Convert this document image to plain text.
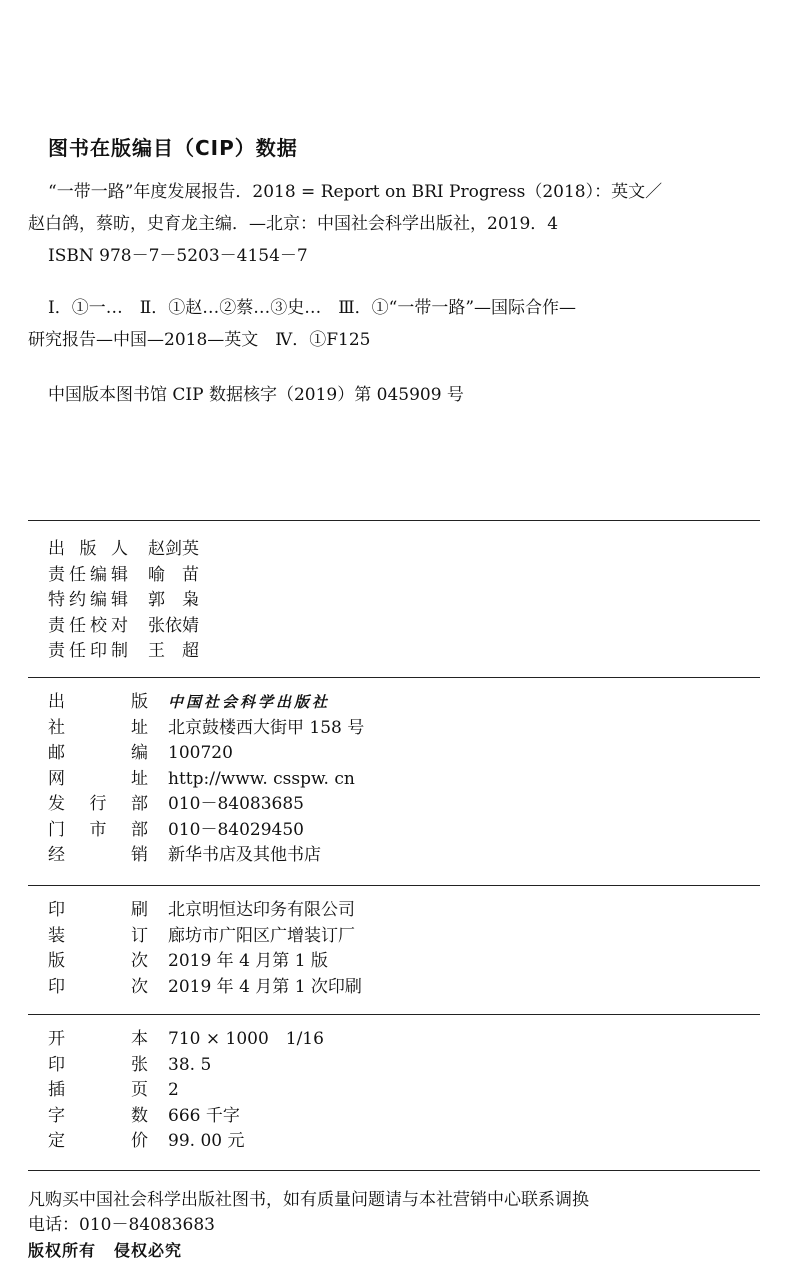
图书在版编目（CIP）数据
“一带一路”年度发展报告．2018 = Report on BRI Progress（2018）：英文／
赵白鸽，蔡昉，史育龙主编．—北京：中国社会科学出版社，2019．4
ISBN 978－7－5203－4154－7
Ⅰ．①一…　Ⅱ．①赵…②蔡…③史…　Ⅲ．①“一带一路”—国际合作—
研究报告—中国—2018—英文　Ⅳ．①F125
中国版本图书馆 CIP 数据核字（2019）第 045909 号
出版人 赵剑英
责任编辑 喻　苗
特约编辑 郭　枭
责任校对 张依婧
责任印制 王　超
出版 中国社会科学出版社
社址 北京鼓楼西大街甲 158 号
邮编 100720
网址 http://www. csspw. cn
发行部 010－84083685
门市部 010－84029450
经销 新华书店及其他书店
印刷 北京明恒达印务有限公司
装订 廊坊市广阳区广增装订厂
版次 2019 年 4 月第 1 版
印次 2019 年 4 月第 1 次印刷
开本 710 × 1000　1/16
印张 38. 5
插页 2
字数 666 千字
定价 99. 00 元
凡购买中国社会科学出版社图书，如有质量问题请与本社营销中心联系调换
电话：010－84083683
版权所有 侵权必究
